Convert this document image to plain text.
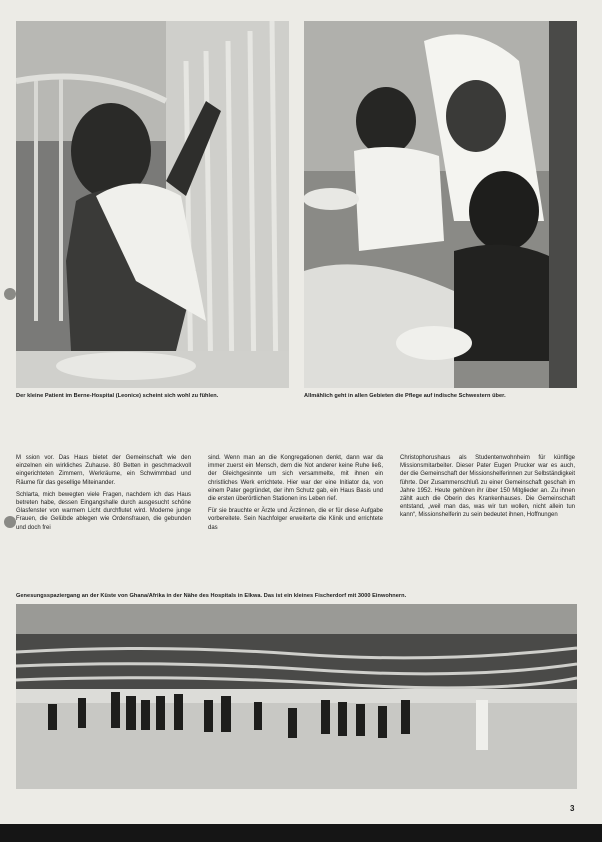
Der kleine Patient im Berne-Hospital (Leonice) scheint sich wohl zu fühlen.	Allmählich geht in allen Gebieten die Pflege auf indische Schwestern über.

M ssion vor. Das Haus bietet der Gemeinschaft wie den einzelnen ein wirkliches Zuhause. 80 Betten in geschmackvoll eingerichteten Zimmern, Werkräume, ein Schwimmbad und Räume für das gesellige Miteinander.

Schlarta, mich bewegten viele Fragen, nachdem ich das Haus betreten habe, dessen Eingangshalle durch ausgesucht schöne Glasfenster von warmem Licht durchflutet wird. Moderne junge Frauen, die Gelübde ablegen wie Ordensfrauen, die gebunden und doch frei

sind. Wenn man an die Kongregationen denkt, dann war da immer zuerst ein Mensch, dem die Not anderer keine Ruhe ließ, der Gleichgesinnte um sich versammelte, mit ihnen ein christliches Werk errichtete. Hier war der eine Initiator da, von einem Pater gegründet, der ihm Schutz gab, ein Haus Basis und die ersten überörtlichen Stationen ins Leben rief.

Für sie brauchte er Ärzte und Ärztinnen, die er für diese Aufgabe vorbereitete. Sein Nachfolger erweiterte die Klinik und errichtete das

Christophorushaus als Studentenwohnheim für künftige Missionsmitarbeiter. Dieser Pater Eugen Prucker war es auch, der die Gemeinschaft der Missionshelferinnen zur Selbständigkeit führte. Der Zusammenschluß zu einer Gemeinschaft geschah im Jahre 1952. Heute gehören ihr über 150 Mitglieder an. Zu ihnen zählt auch die Oberin des Krankenhauses. Die Gemeinschaft entstand, „weil man das, was wir tun wollen, nicht allein tun kann“, Missionshelferin zu sein bedeutet ihnen, Hoffnungen

Genesungsspaziergang an der Küste von Ghana/Afrika in der Nähe des Hospitals in Elkwa. Das ist ein kleines Fischerdorf mit 3000 Einwohnern.
3
